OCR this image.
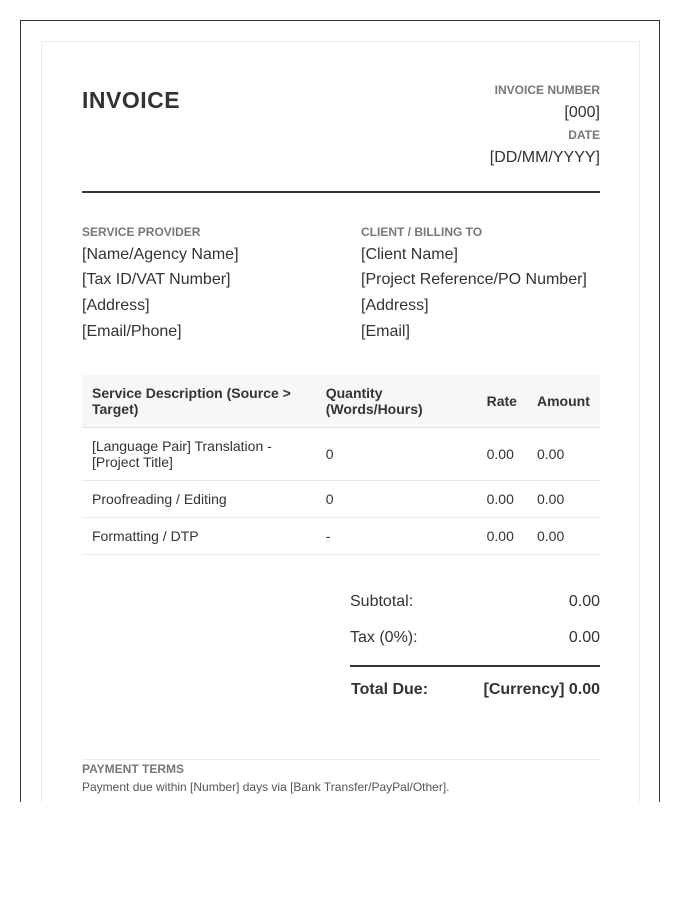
INVOICE	INVOICE NUMBER
[000]
DATE
[DD/MM/YYYY]
SERVICE PROVIDER
[Name/Agency Name]
[Tax ID/VAT Number]
[Address]
[Email/Phone]
CLIENT / BILLING TO
[Client Name]
[Project Reference/PO Number]
[Address]
[Email]
Service Description (Source > Target)	Quantity (Words/Hours)	Rate	Amount
[Language Pair] Translation - [Project Title]	0	0.00	0.00
Proofreading / Editing	0	0.00	0.00
Formatting / DTP	-	0.00	0.00
Subtotal:	0.00
Tax (0%):	0.00
Total Due:	[Currency] 0.00
PAYMENT TERMS
Payment due within [Number] days via [Bank Transfer/PayPal/Other].
